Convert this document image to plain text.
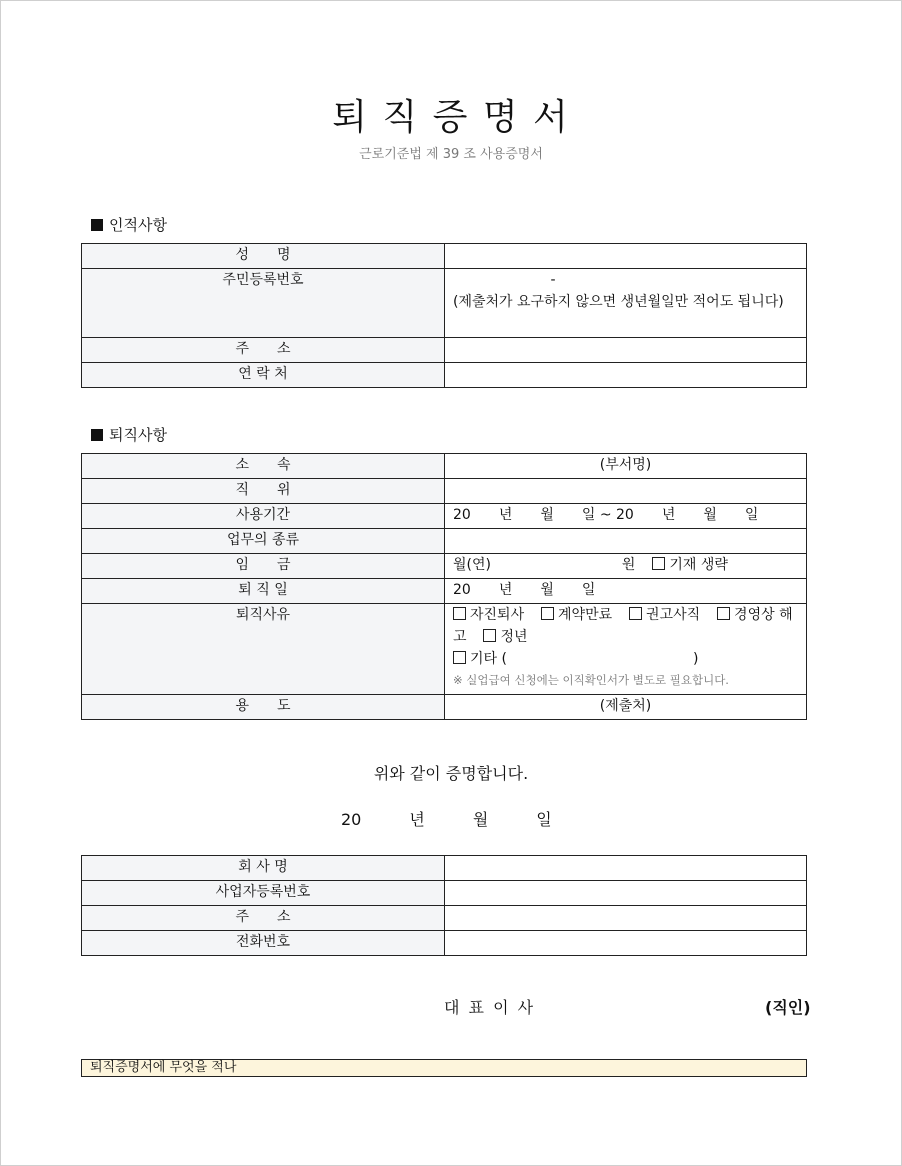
퇴 직 증 명 서
근로기준법 제 39 조 사용증명서
인적사항
성　　명	
주민등록번호	-
(제출처가 요구하지 않으면 생년월일만 적어도 됩니다)

주　　소	
연 락 처	
퇴직사항
소　　속	(부서명)
직　　위	
사용기간	20　　년　　월　　일 ~ 20　　년　　월　　일
업무의 종류	
임　　금	월(연) 원 기재 생략
퇴 직 일	20　　년　　월　　일
퇴직사유	자진퇴사 계약만료 권고사직 경영상 해고 정년
기타 ( )
※ 실업급여 신청에는 이직확인서가 별도로 필요합니다.

용　　도	(제출처)
위와 같이 증명합니다.
20　　　년　　　월　　　일
회 사 명	
사업자등록번호	
주　　소	
전화번호	
대 표 이 사	(직인)
퇴직증명서에 무엇을 적나
